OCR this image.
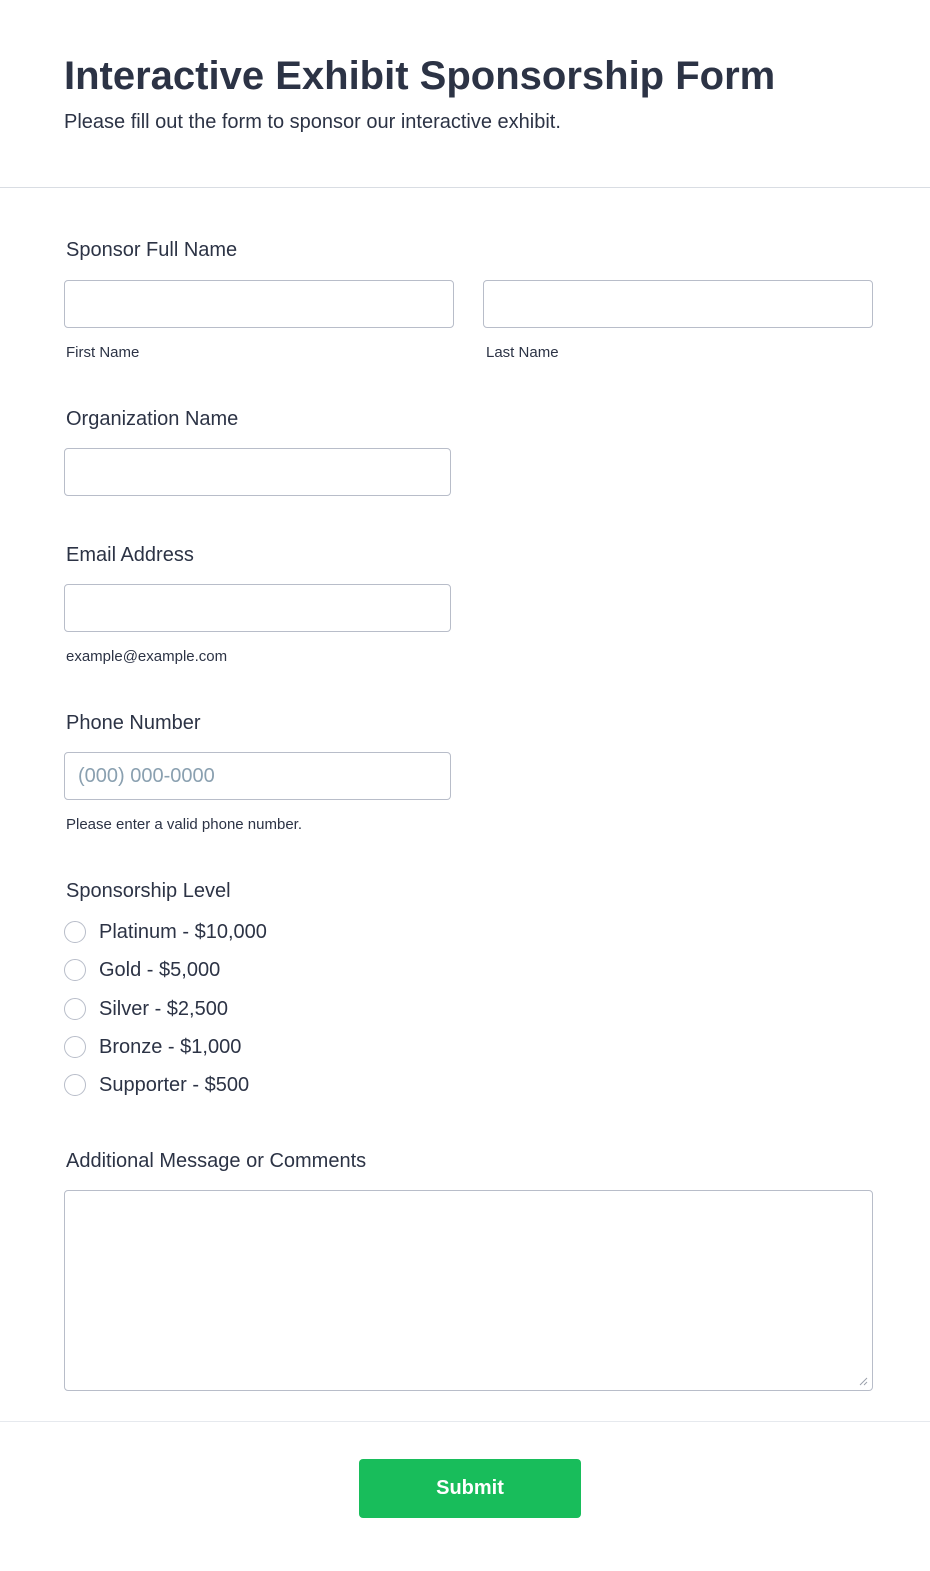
Interactive Exhibit Sponsorship Form

Please fill out the form to sponsor our interactive exhibit.

Sponsor Full Name
First Name	Last Name
Organization Name
Email Address
example@example.com
Phone Number
(000) 000-0000
Please enter a valid phone number.
Sponsorship Level
Platinum - $10,000
Gold - $5,000
Silver - $2,500
Bronze - $1,000
Supporter - $500
Additional Message or Comments
Submit
